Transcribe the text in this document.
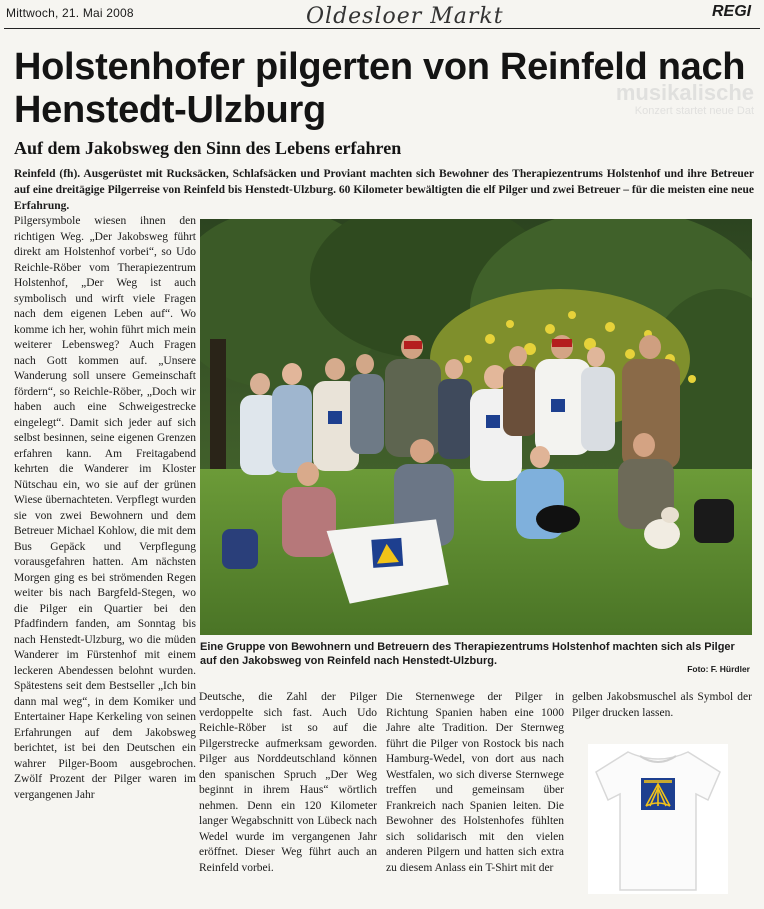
Mittwoch, 21. Mai 2008	Oldesloer Markt	REGI
musikalische
Konzert startet neue Dat
Holstenhofer pilgerten von Reinfeld nach Henstedt-Ulzburg
Auf dem Jakobsweg den Sinn des Lebens erfahren

Reinfeld (fh). Ausgerüstet mit Rucksäcken, Schlafsäcken und Proviant machten sich Bewohner des Therapiezentrums Holstenhof und ihre Betreuer auf eine dreitägige Pilgerreise von Reinfeld bis Henstedt-Ulzburg. 60 Kilometer bewältigten die elf Pilger und zwei Betreuer – für die meisten eine neue Erfahrung.

Pilgersymbole wiesen ihnen den richtigen Weg. „Der Jakobsweg führt direkt am Holstenhof vorbei“, so Udo Reichle-Röber vom Therapiezentrum Holstenhof, „Der Weg ist auch symbolisch und wirft viele Fragen nach dem eigenen Leben auf“. Wo komme ich her, wohin führt mich mein weiterer Lebensweg? Auch Fragen nach Gott kommen auf. „Unsere Wanderung soll unsere Gemeinschaft fördern“, so Reichle-Röber, „Doch wir haben auch eine Schweigestrecke eingelegt“. Damit sich jeder auf sich selbst besinnen, seine eigenen Grenzen erfahren kann. Am Freitagabend kehrten die Wanderer im Kloster Nütschau ein, wo sie auf der grünen Wiese übernachteten. Verpflegt wurden sie von zwei Bewohnern und dem Betreuer Michael Kohlow, die mit dem Bus Gepäck und Verpflegung vorausgefahren hatten. Am nächsten Morgen ging es bei strömenden Regen weiter bis nach Bargfeld-Stegen, wo die Pilger ein Quartier bei den Pfadfindern fanden, am Sonntag bis nach Henstedt-Ulzburg, wo die müden Wanderer im Fürstenhof mit einem leckeren Abendessen belohnt wurden. Spätestens seit dem Bestseller „Ich bin dann mal weg“, in dem Komiker und Entertainer Hape Kerkeling von seinen Erfahrungen auf dem Jakobsweg berichtet, ist bei den Deutschen ein wahrer Pilger-Boom ausgebrochen. Zwölf Prozent der Pilger waren im vergangenen Jahr

Eine Gruppe von Bewohnern und Betreuern des Therapiezentrums Holstenhof machten sich als Pilger auf den Jakobsweg von Reinfeld nach Henstedt-Ulzburg.

Foto: F. Hürdler

Deutsche, die Zahl der Pilger verdoppelte sich fast. Auch Udo Reichle-Röber ist so auf die Pilgerstrecke aufmerksam geworden. Pilger aus Norddeutschland können den spanischen Spruch „Der Weg beginnt in ihrem Haus“ wörtlich nehmen. Denn ein 120 Kilometer langer Wegabschnitt von Lübeck nach Wedel wurde im vergangenen Jahr eröffnet. Dieser Weg führt auch an Reinfeld vorbei.

Die Sternenwege der Pilger in Richtung Spanien haben eine 1000 Jahre alte Tradition. Der Sternweg führt die Pilger von Rostock bis nach Hamburg-Wedel, von dort aus nach Westfalen, wo sich diverse Sternwege treffen und gemeinsam über Frankreich nach Spanien leiten. Die Bewohner des Holstenhofes fühlten sich solidarisch mit den vielen anderen Pilgern und hatten sich extra zu diesem Anlass ein T-Shirt mit der

gelben Jakobsmuschel als Symbol der Pilger drucken lassen.
